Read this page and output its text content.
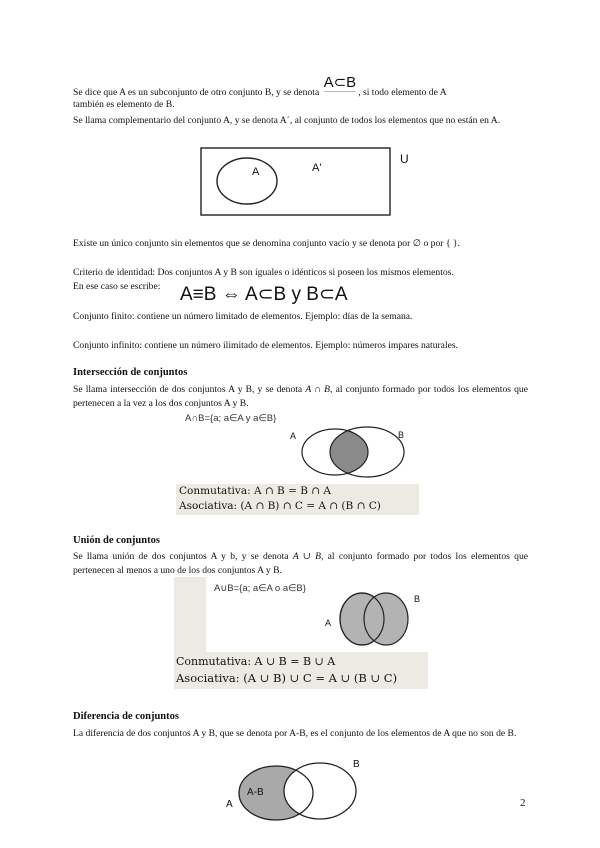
Se dice que A es un subconjunto de otro conjunto B, y se denota A⊂B, si todo elemento de A
también es elemento de B.
Se llama complementario del conjunto A, y se denota A´, al conjunto de todos los elementos que no están en A.
A	A'
U
Existe un único conjunto sin elementos que se denomina conjunto vacío y se denota por ∅ o por { }.
Criterio de identidad: Dos conjuntos A y B son iguales o idénticos si poseen los mismos elementos.
En ese caso se escribe:	A≡B ⇔ A⊂B y B⊂A
Conjunto finito: contiene un número limitado de elementos. Ejemplo: días de la semana.
Conjunto infinito: contiene un número ilimitado de elementos. Ejemplo: números impares naturales.
Intersección de conjuntos
Se llama intersección de dos conjuntos A y B, y se denota A ∩ B, al conjunto formado por todos los elementos que pertenecen a la vez a los dos conjuntos A y B.
A∩B={a; a∈A y a∈B}
A	B
Conmutativa: A ∩ B = B ∩ A
Asociativa: (A ∩ B) ∩ C = A ∩ (B ∩ C)
Unión de conjuntos
Se llama unión de dos conjuntos A y b, y se denota A ∪ B, al conjunto formado por todos los elementos que pertenecen al menos a uno de los dos conjuntos A y B.
A∪B={a; a∈A o a∈B}
A
B
Conmutativa: A ∪ B = B ∪ A
Asociativa: (A ∪ B) ∪ C = A ∪ (B ∪ C)
Diferencia de conjuntos
La diferencia de dos conjuntos A y B, que se denota por A-B, es el conjunto de los elementos de A que no son de B.
A-B
A
B
2
